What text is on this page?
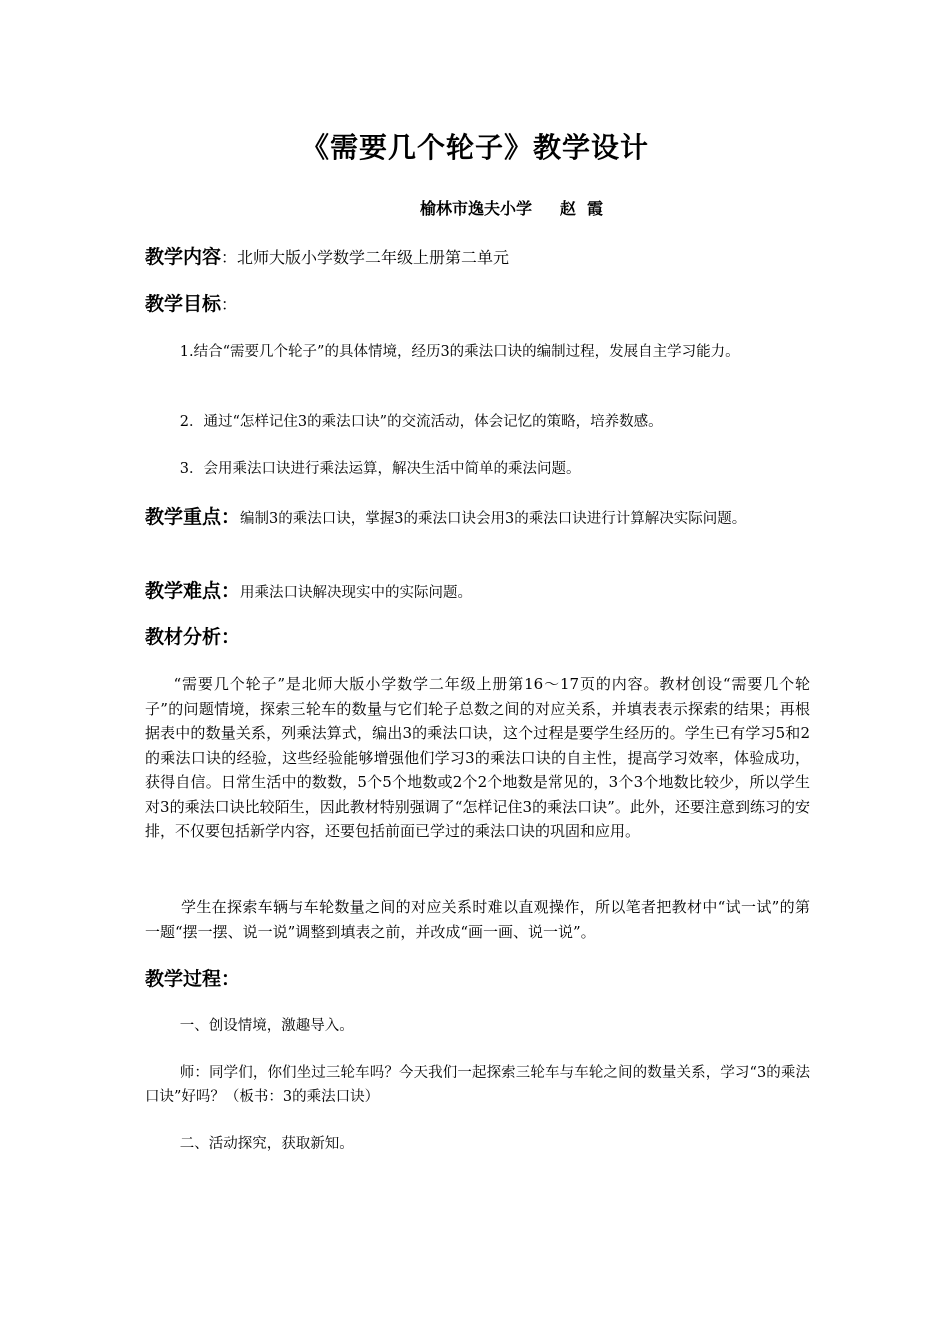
《需要几个轮子》教学设计
榆林市逸夫小学     赵  霞
教学内容：北师大版小学数学二年级上册第二单元
教学目标：
1.结合“需要几个轮子”的具体情境，经历3的乘法口诀的编制过程，发展自主学习能力。
2．通过“怎样记住3的乘法口诀”的交流活动，体会记忆的策略，培养数感。
3．会用乘法口诀进行乘法运算，解决生活中简单的乘法问题。
教学重点：编制3的乘法口诀，掌握3的乘法口诀会用3的乘法口诀进行计算解决实际问题。
教学难点：用乘法口诀解决现实中的实际问题。
教材分析：
“需要几个轮子”是北师大版小学数学二年级上册第16～17页的内容。教材创设“需要几个轮子”的问题情境，探索三轮车的数量与它们轮子总数之间的对应关系，并填表表示探索的结果；再根据表中的数量关系，列乘法算式，编出3的乘法口诀，这个过程是要学生经历的。学生已有学习5和2的乘法口诀的经验，这些经验能够增强他们学习3的乘法口诀的自主性，提高学习效率，体验成功，获得自信。日常生活中的数数，5个5个地数或2个2个地数是常见的，3个3个地数比较少，所以学生对3的乘法口诀比较陌生，因此教材特别强调了“怎样记住3的乘法口诀”。此外，还要注意到练习的安排，不仅要包括新学内容，还要包括前面已学过的乘法口诀的巩固和应用。
学生在探索车辆与车轮数量之间的对应关系时难以直观操作，所以笔者把教材中“试一试”的第一题“摆一摆、说一说”调整到填表之前，并改成“画一画、说一说”。
教学过程：
一、创设情境，激趣导入。
师：同学们，你们坐过三轮车吗？今天我们一起探索三轮车与车轮之间的数量关系，学习“3的乘法口诀”好吗？（板书：3的乘法口诀）
二、活动探究，获取新知。
